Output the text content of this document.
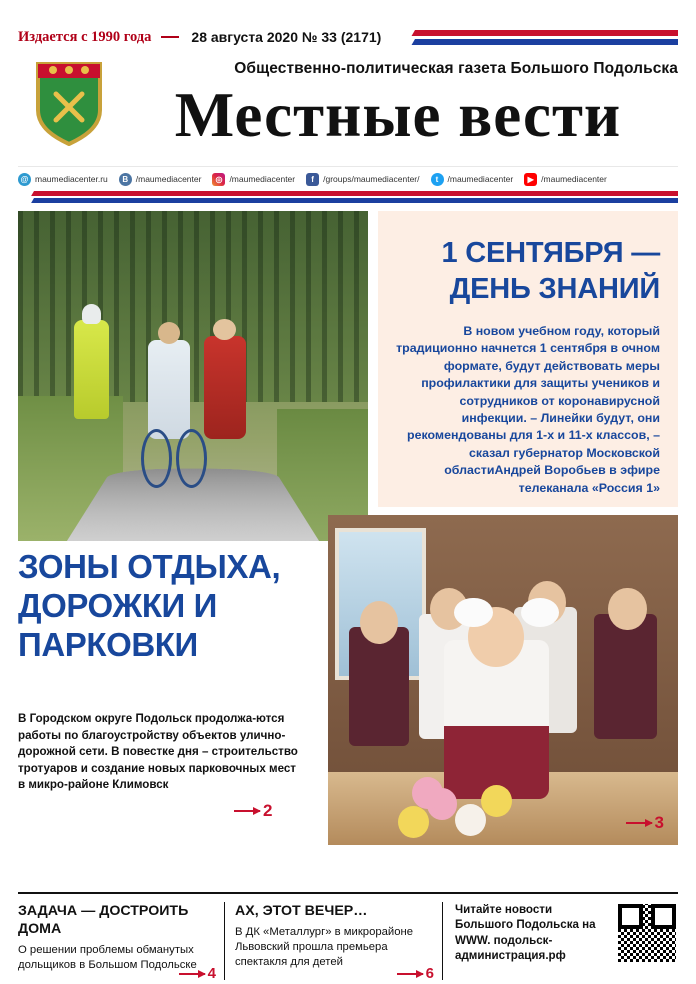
Издается с 1990 года	28 августа 2020 № 33 (2171)
Общественно-политическая газета Большого Подольска
Местные вести
@ maumediacenter.ru	B /maumediacenter	◎ /maumediacenter	f	/groups/maumediacenter/	t	/maumediacenter	▶ /maumediacenter
1 СЕНТЯБРЯ — ДЕНЬ ЗНАНИЙ
В новом учебном году, который традиционно начнется 1 сентября в очном формате, будут действовать меры профилактики для защиты учеников и сотрудников от коронавирусной инфекции. – Линейки будут, они рекомендованы для 1-х и 11-х классов, – сказал губернатор Московской областиАндрей Воробьев в эфире телеканала «Россия 1»
ЗОНЫ ОТДЫХА, ДОРОЖКИ И ПАРКОВКИ
В Городском округе Подольск продолжа-ются работы по благоустройству объектов улично-дорожной сети. В повестке дня – строительство тротуаров и создание новых парковочных мест в микро-районе Климовск
2
3
ЗАДАЧА — ДОСТРОИТЬ ДОМА
О решении проблемы обманутых дольщиков в Большом Подольске 4
АХ, ЭТОТ ВЕЧЕР…
В ДК «Металлург» в микрорайоне Львовский прошла премьера спектакля для детей
6
Читайте новости Большого Подольска на WWW. подольск-администрация.рф
